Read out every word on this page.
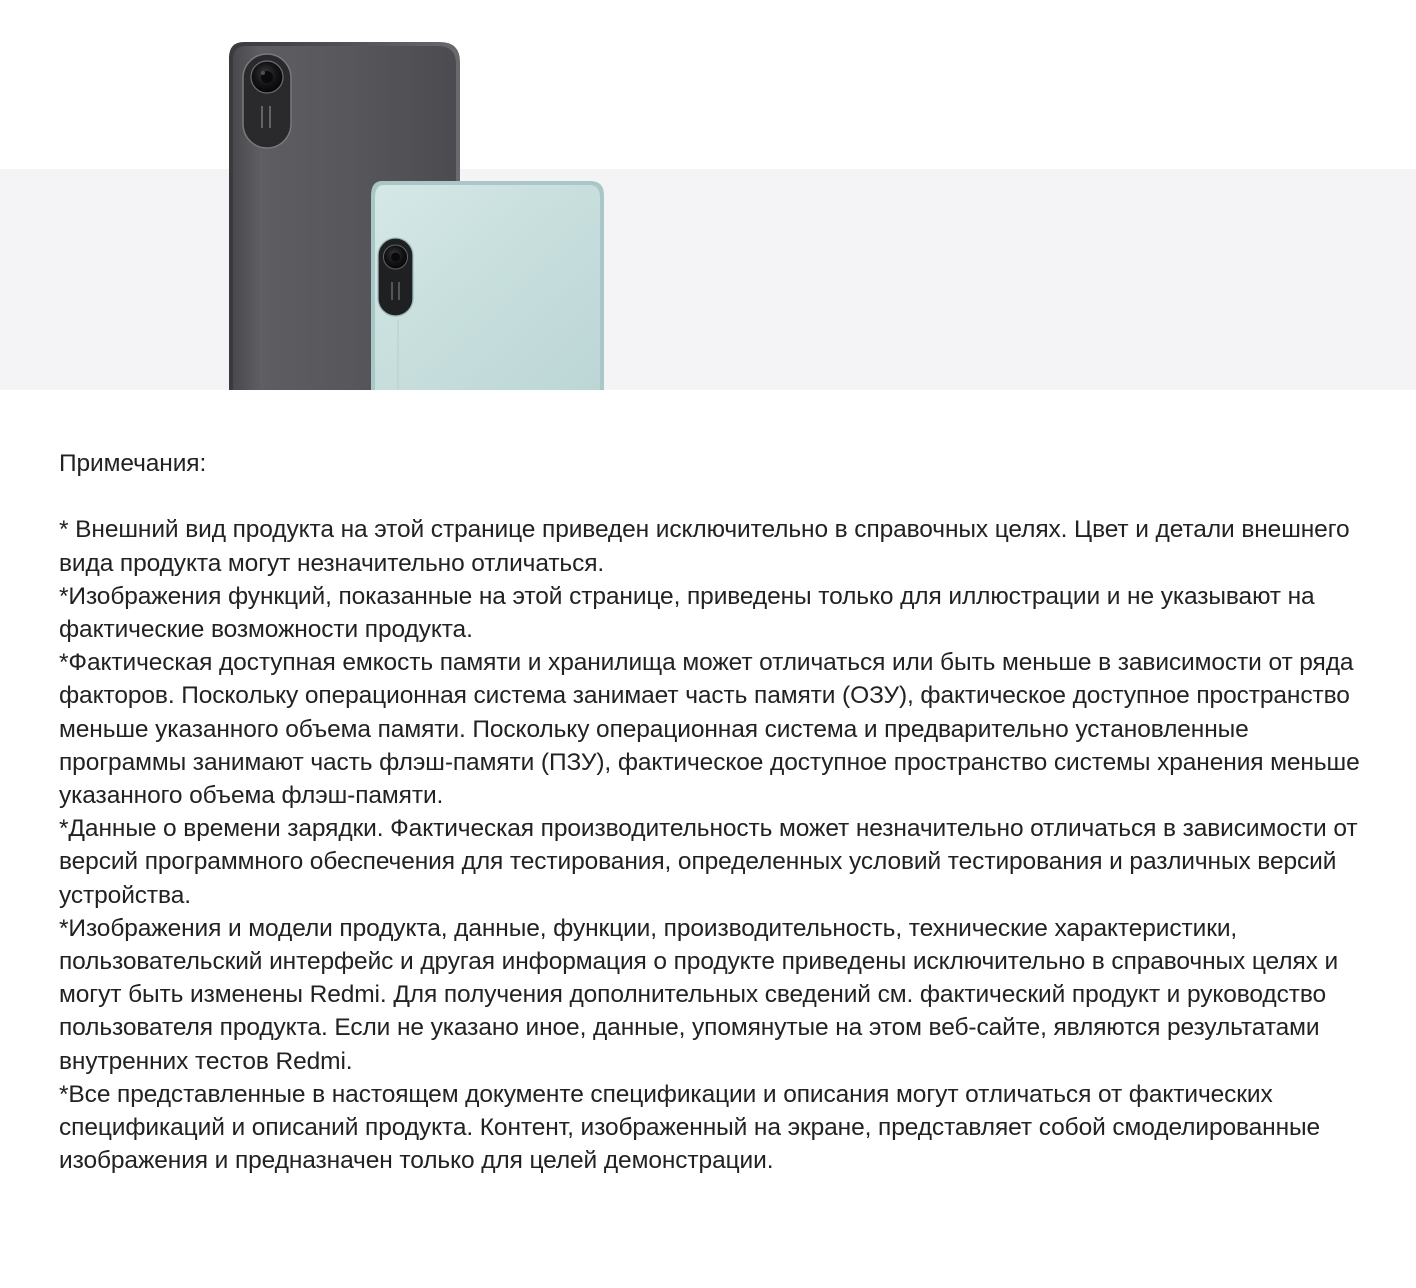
Примечания:

* Внешний вид продукта на этой странице приведен исключительно в справочных целях. Цвет и детали внешнего вида продукта могут незначительно отличаться.

*Изображения функций, показанные на этой странице, приведены только для иллюстрации и не указывают на фактические возможности продукта.

*Фактическая доступная емкость памяти и хранилища может отличаться или быть меньше в зависимости от ряда факторов. Поскольку операционная система занимает часть памяти (ОЗУ), фактическое доступное пространство меньше указанного объема памяти. Поскольку операционная система и предварительно установленные программы занимают часть флэш-памяти (ПЗУ), фактическое доступное пространство системы хранения меньше указанного объема флэш-памяти.

*Данные о времени зарядки. Фактическая производительность может незначительно отличаться в зависимости от версий программного обеспечения для тестирования, определенных условий тестирования и различных версий устройства.

*Изображения и модели продукта, данные, функции, производительность, технические характеристики, пользовательский интерфейс и другая информация о продукте приведены исключительно в справочных целях и могут быть изменены Redmi. Для получения дополнительных сведений см. фактический продукт и руководство пользователя продукта. Если не указано иное, данные, упомянутые на этом веб-сайте, являются результатами внутренних тестов Redmi.

*Все представленные в настоящем документе спецификации и описания могут отличаться от фактических спецификаций и описаний продукта. Контент, изображенный на экране, представляет собой смоделированные изображения и предназначен только для целей демонстрации.
